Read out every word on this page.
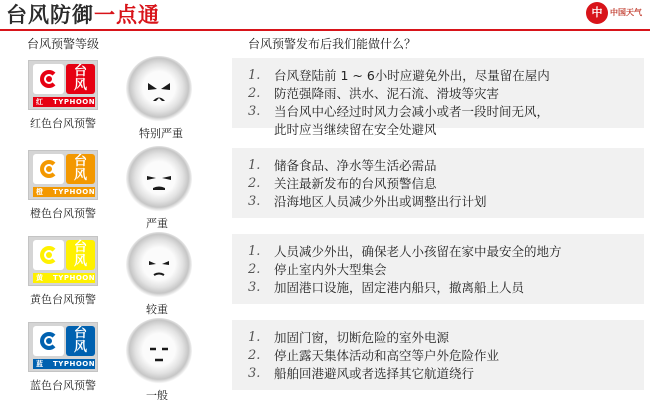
台风防御一点通	中 中国天气
台风预警等级	台风预警发布后我们能做什么？
台
风
红 TYPHOON
红色台风预警
特别严重
1. 台风登陆前 1 ~ 6小时应避免外出，尽量留在屋内
2. 防范强降雨、洪水、泥石流、滑坡等灾害
3. 当台风中心经过时风力会减小或者一段时间无风，
此时应当继续留在安全处避风
台
风
橙 TYPHOON
橙色台风预警
严重
1. 储备食品、净水等生活必需品
2. 关注最新发布的台风预警信息
3. 沿海地区人员减少外出或调整出行计划
台
风
黄 TYPHOON
黄色台风预警
较重
1. 人员减少外出，确保老人小孩留在家中最安全的地方
2. 停止室内外大型集会
3. 加固港口设施，固定港内船只，撤离船上人员
台
风
蓝 TYPHOON
蓝色台风预警
一般
1. 加固门窗，切断危险的室外电源
2. 停止露天集体活动和高空等户外危险作业
3. 船舶回港避风或者选择其它航道绕行
